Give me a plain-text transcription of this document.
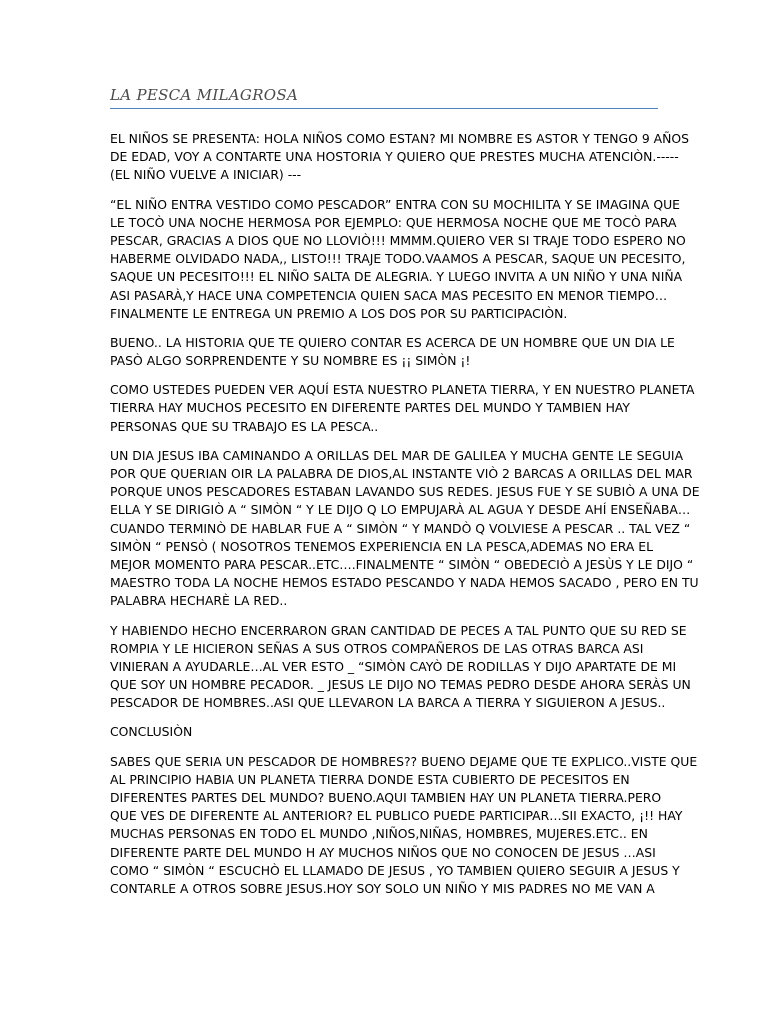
LA PESCA MILAGROSA

EL NIÑOS SE PRESENTA: HOLA NIÑOS COMO ESTAN? MI NOMBRE ES ASTOR Y TENGO 9 AÑOS
DE EDAD, VOY A CONTARTE UNA HOSTORIA Y QUIERO QUE PRESTES MUCHA ATENCIÒN.-----
(EL NIÑO VUELVE A INICIAR) ---

“EL NIÑO ENTRA VESTIDO COMO PESCADOR” ENTRA CON SU MOCHILITA Y SE IMAGINA QUE
LE TOCÒ UNA NOCHE HERMOSA POR EJEMPLO: QUE HERMOSA NOCHE QUE ME TOCÒ PARA
PESCAR, GRACIAS A DIOS QUE NO LLOVIÒ!!! MMMM.QUIERO VER SI TRAJE TODO ESPERO NO
HABERME OLVIDADO NADA,, LISTO!!! TRAJE TODO.VAAMOS A PESCAR, SAQUE UN PECESITO,
SAQUE UN PECESITO!!! EL NIÑO SALTA DE ALEGRIA. Y LUEGO INVITA A UN NIÑO Y UNA NIÑA
ASI PASARÀ,Y HACE UNA COMPETENCIA QUIEN SACA MAS PECESITO EN MENOR TIEMPO…
FINALMENTE LE ENTREGA UN PREMIO A LOS DOS POR SU PARTICIPACIÒN.

BUENO.. LA HISTORIA QUE TE QUIERO CONTAR ES ACERCA DE UN HOMBRE QUE UN DIA LE
PASÒ ALGO SORPRENDENTE Y SU NOMBRE ES ¡¡ SIMÒN ¡!

COMO USTEDES PUEDEN VER AQUÍ ESTA NUESTRO PLANETA TIERRA, Y EN NUESTRO PLANETA
TIERRA HAY MUCHOS PECESITO EN DIFERENTE PARTES DEL MUNDO Y TAMBIEN HAY
PERSONAS QUE SU TRABAJO ES LA PESCA..

UN DIA JESUS IBA CAMINANDO A ORILLAS DEL MAR DE GALILEA Y MUCHA GENTE LE SEGUIA
POR QUE QUERIAN OIR LA PALABRA DE DIOS,AL INSTANTE VIÒ 2 BARCAS A ORILLAS DEL MAR
PORQUE UNOS PESCADORES ESTABAN LAVANDO SUS REDES. JESUS FUE Y SE SUBIÒ A UNA DE
ELLA Y SE DIRIGIÒ A “ SIMÒN “ Y LE DIJO Q LO EMPUJARÀ AL AGUA Y DESDE AHÍ ENSEÑABA…
CUANDO TERMINÒ DE HABLAR FUE A “ SIMÒN “ Y MANDÒ Q VOLVIESE A PESCAR .. TAL VEZ “
SIMÒN “ PENSÒ ( NOSOTROS TENEMOS EXPERIENCIA EN LA PESCA,ADEMAS NO ERA EL
MEJOR MOMENTO PARA PESCAR..ETC….FINALMENTE “ SIMÒN “ OBEDECIÒ A JESÙS Y LE DIJO “
MAESTRO TODA LA NOCHE HEMOS ESTADO PESCANDO Y NADA HEMOS SACADO , PERO EN TU
PALABRA HECHARÈ LA RED..

Y HABIENDO HECHO ENCERRARON GRAN CANTIDAD DE PECES A TAL PUNTO QUE SU RED SE
ROMPIA Y LE HICIERON SEÑAS A SUS OTROS COMPAÑEROS DE LAS OTRAS BARCA ASI
VINIERAN A AYUDARLE…AL VER ESTO _ “SIMÒN CAYÒ DE RODILLAS Y DIJO APARTATE DE MI
QUE SOY UN HOMBRE PECADOR. _ JESUS LE DIJO NO TEMAS PEDRO DESDE AHORA SERÀS UN
PESCADOR DE HOMBRES..ASI QUE LLEVARON LA BARCA A TIERRA Y SIGUIERON A JESUS..

CONCLUSIÒN

SABES QUE SERIA UN PESCADOR DE HOMBRES?? BUENO DEJAME QUE TE EXPLICO..VISTE QUE
AL PRINCIPIO HABIA UN PLANETA TIERRA DONDE ESTA CUBIERTO DE PECESITOS EN
DIFERENTES PARTES DEL MUNDO? BUENO.AQUI TAMBIEN HAY UN PLANETA TIERRA.PERO
QUE VES DE DIFERENTE AL ANTERIOR? EL PUBLICO PUEDE PARTICIPAR…SII EXACTO, ¡!! HAY
MUCHAS PERSONAS EN TODO EL MUNDO ,NIÑOS,NIÑAS, HOMBRES, MUJERES.ETC.. EN
DIFERENTE PARTE DEL MUNDO H AY MUCHOS NIÑOS QUE NO CONOCEN DE JESUS …ASI
COMO “ SIMÒN “ ESCUCHÒ EL LLAMADO DE JESUS , YO TAMBIEN QUIERO SEGUIR A JESUS Y
CONTARLE A OTROS SOBRE JESUS.HOY SOY SOLO UN NIÑO Y MIS PADRES NO ME VAN A
